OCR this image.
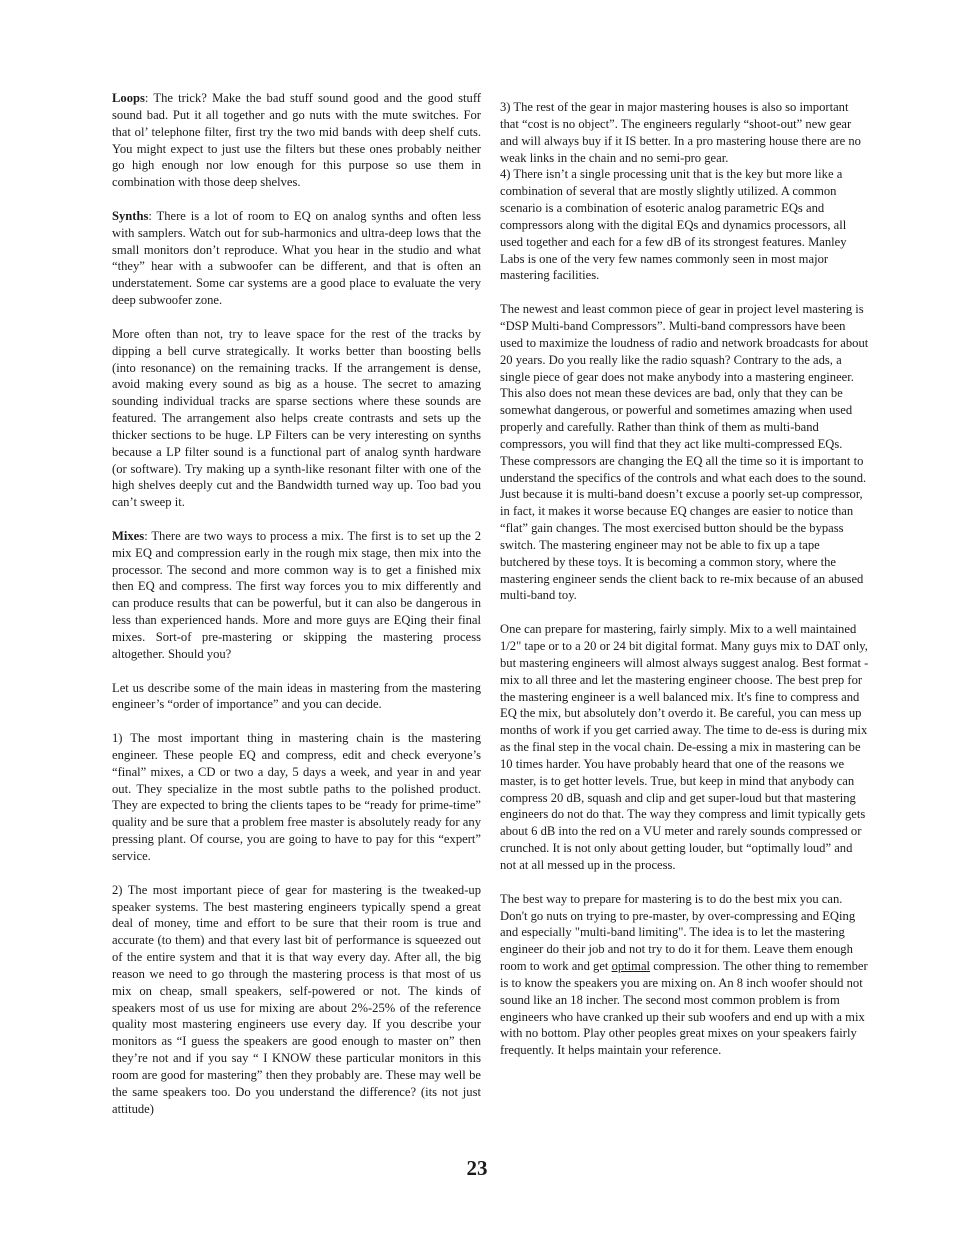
Loops: The trick? Make the bad stuff sound good and the good stuff sound bad. Put it all together and go nuts with the mute switches. For that ol’ telephone filter, first try the two mid bands with deep shelf cuts. You might expect to just use the filters but these ones probably neither go high enough nor low enough for this purpose so use them in combination with those deep shelves.

Synths: There is a lot of room to EQ on analog synths and often less with samplers. Watch out for sub-harmonics and ultra-deep lows that the small monitors don’t reproduce. What you hear in the studio and what “they” hear with a subwoofer can be different, and that is often an understatement. Some car systems are a good place to evaluate the very deep subwoofer zone.

More often than not, try to leave space for the rest of the tracks by dipping a bell curve strategically. It works better than boosting bells (into resonance) on the remaining tracks. If the arrangement is dense, avoid making every sound as big as a house. The secret to amazing sounding individual tracks are sparse sections where these sounds are featured. The arrangement also helps create contrasts and sets up the thicker sections to be huge. LP Filters can be very interesting on synths because a LP filter sound is a functional part of analog synth hardware (or software). Try making up a synth-like resonant filter with one of the high shelves deeply cut and the Bandwidth turned way up. Too bad you can’t sweep it.

Mixes: There are two ways to process a mix. The first is to set up the 2 mix EQ and compression early in the rough mix stage, then mix into the processor. The second and more common way is to get a finished mix then EQ and compress. The first way forces you to mix differently and can produce results that can be powerful, but it can also be dangerous in less than experienced hands. More and more guys are EQing their final mixes. Sort-of pre-mastering or skipping the mastering process altogether. Should you?

Let us describe some of the main ideas in mastering from the mastering engineer’s “order of importance” and you can decide.

1) The most important thing in mastering chain is the mastering engineer. These people EQ and compress, edit and check everyone’s “final” mixes, a CD or two a day, 5 days a week, and year in and year out. They specialize in the most subtle paths to the polished product. They are expected to bring the clients tapes to be “ready for prime-time” quality and be sure that a problem free master is absolutely ready for any pressing plant. Of course, you are going to have to pay for this “expert” service.

2) The most important piece of gear for mastering is the tweaked-up speaker systems. The best mastering engineers typically spend a great deal of money, time and effort to be sure that their room is true and accurate (to them) and that every last bit of performance is squeezed out of the entire system and that it is that way every day. After all, the big reason we need to go through the mastering process is that most of us mix on cheap, small speakers, self-powered or not. The kinds of speakers most of us use for mixing are about 2%-25% of the reference quality most mastering engineers use every day. If you describe your monitors as “I guess the speakers are good enough to master on” then they’re not and if you say “ I KNOW these particular monitors in this room are good for mastering” then they probably are. These may well be the same speakers too. Do you understand the difference? (its not just attitude)

3) The rest of the gear in major mastering houses is also so important that “cost is no object”. The engineers regularly “shoot-out” new gear and will always buy if it IS better. In a pro mastering house there are no weak links in the chain and no semi-pro gear.

4) There isn’t a single processing unit that is the key but more like a combination of several that are mostly slightly utilized. A common scenario is a combination of esoteric analog parametric EQs and compressors along with the digital EQs and dynamics processors, all used together and each for a few dB of its strongest features. Manley Labs is one of the very few names commonly seen in most major mastering facilities.

The newest and least common piece of gear in project level mastering is “DSP Multi-band Compressors”. Multi-band compressors have been used to maximize the loudness of radio and network broadcasts for about 20 years. Do you really like the radio squash? Contrary to the ads, a single piece of gear does not make anybody into a mastering engineer. This also does not mean these devices are bad, only that they can be somewhat dangerous, or powerful and sometimes amazing when used properly and carefully. Rather than think of them as multi-band compressors, you will find that they act like multi-compressed EQs. These compressors are changing the EQ all the time so it is important to understand the specifics of the controls and what each does to the sound. Just because it is multi-band doesn’t excuse a poorly set-up compressor, in fact, it makes it worse because EQ changes are easier to notice than “flat” gain changes. The most exercised button should be the bypass switch. The mastering engineer may not be able to fix up a tape butchered by these toys. It is becoming a common story, where the mastering engineer sends the client back to re-mix because of an abused multi-band toy.

One can prepare for mastering, fairly simply. Mix to a well maintained 1/2" tape or to a 20 or 24 bit digital format. Many guys mix to DAT only, but mastering engineers will almost always suggest analog. Best format - mix to all three and let the mastering engineer choose. The best prep for the mastering engineer is a well balanced mix. It's fine to compress and EQ the mix, but absolutely don’t overdo it. Be careful, you can mess up months of work if you get carried away. The time to de-ess is during mix as the final step in the vocal chain. De-essing a mix in mastering can be 10 times harder. You have probably heard that one of the reasons we master, is to get hotter levels. True, but keep in mind that anybody can compress 20 dB, squash and clip and get super-loud but that mastering engineers do not do that. The way they compress and limit typically gets about 6 dB into the red on a VU meter and rarely sounds compressed or crunched. It is not only about getting louder, but “optimally loud” and not at all messed up in the process.

The best way to prepare for mastering is to do the best mix you can. Don't go nuts on trying to pre-master, by over-compressing and EQing and especially "multi-band limiting". The idea is to let the mastering engineer do their job and not try to do it for them. Leave them enough room to work and get optimal compression. The other thing to remember is to know the speakers you are mixing on. An 8 inch woofer should not sound like an 18 incher. The second most common problem is from engineers who have cranked up their sub woofers and end up with a mix with no bottom. Play other peoples great mixes on your speakers fairly frequently. It helps maintain your reference.

23
